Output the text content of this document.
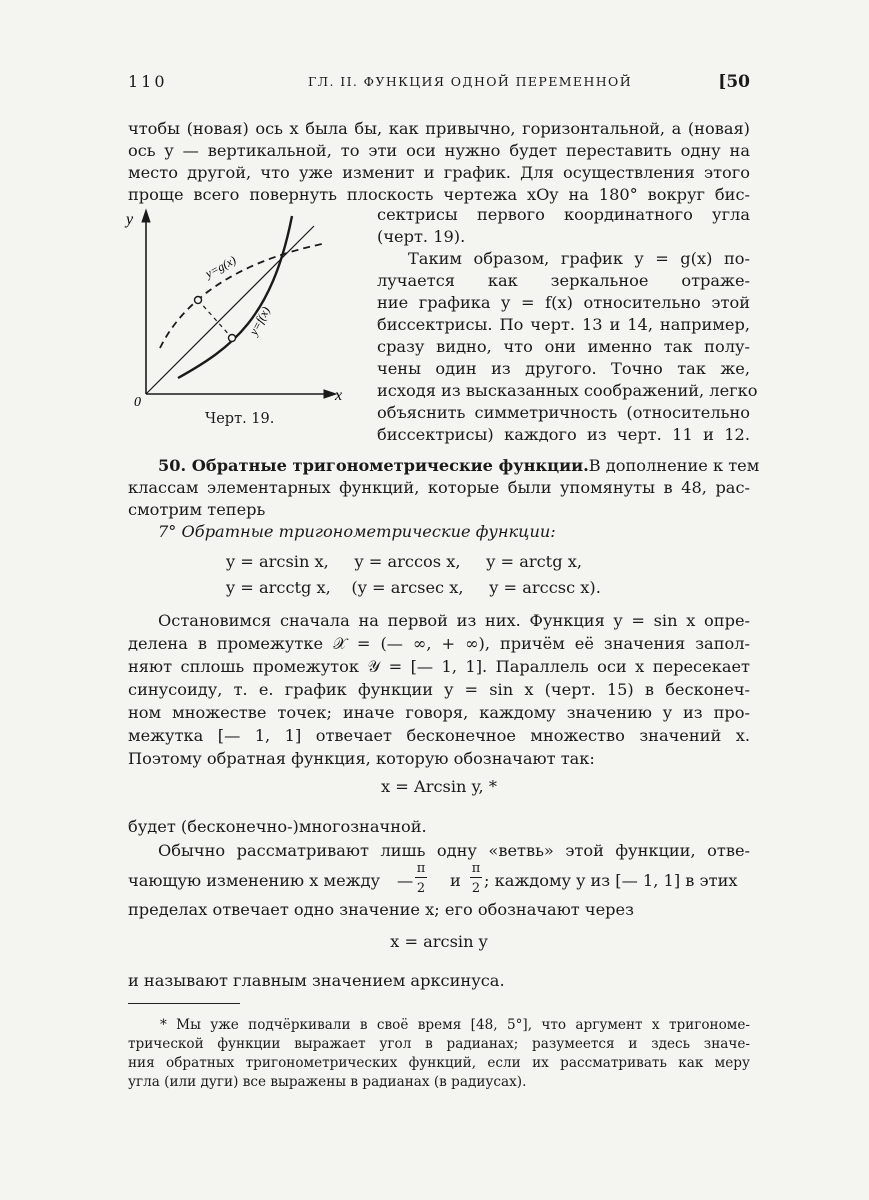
110	ГЛ. II. ФУНКЦИЯ ОДНОЙ ПЕРЕМЕННОЙ	[50
чтобы (новая) ось x была бы, как привычно, горизонтальной, а (новая)
ось y — вертикальной, то эти оси нужно будет переставить одну на
место другой, что уже изменит и график. Для осуществления этого
проще всего повернуть плоскость чертежа xOy на 180° вокруг бис-
y
x
0
y=g(x)
y=f(x)
Черт. 19.
сектрисы первого координатного угла
(черт. 19).
Таким образом, график y = g(x) по-
лучается как зеркальное отраже-
ние графика y = f(x) относительно этой
биссектрисы. По черт. 13 и 14, например,
сразу видно, что они именно так полу-
чены один из другого. Точно так же,
исходя из высказанных соображений, легко
объяснить симметричность (относительно
биссектрисы) каждого из черт. 11 и 12.
50. Обратные тригонометрические функции. В дополнение к тем
классам элементарных функций, которые были упомянуты в 48, рас-
смотрим теперь
7° Обратные тригонометрические функции:
y = arcsin x,     y = arccos x,     y = arctg x,
y = arcctg x,    (y = arcsec x,     y = arccsc x).
Остановимся сначала на первой из них. Функция y = sin x опре-
делена в промежутке 𝒳 = (— ∞, + ∞), причём её значения запол-
няют сплошь промежуток 𝒴 = [— 1, 1]. Параллель оси x пересекает
синусоиду, т. е. график функции y = sin x (черт. 15) в бесконеч-
ном множестве точек; иначе говоря, каждому значению y из про-
межутка [— 1, 1] отвечает бесконечное множество значений x.
Поэтому обратная функция, которую обозначают так:
x = Arcsin y, *
будет (бесконечно-)многозначной.
Обычно рассматривают лишь одну «ветвь» этой функции, отве-
чающую изменению x между —
π
2 и
π
2 ; каждому y из [— 1, 1] в этих
пределах отвечает одно значение x; его обозначают через
x = arcsin y
и называют главным значением арксинуса.
* Мы уже подчёркивали в своё время [48, 5°], что аргумент x тригономе-
трической функции выражает угол в радианах; разумеется и здесь значе-
ния обратных тригонометрических функций, если их рассматривать как меру
угла (или дуги) все выражены в радианах (в радиусах).
